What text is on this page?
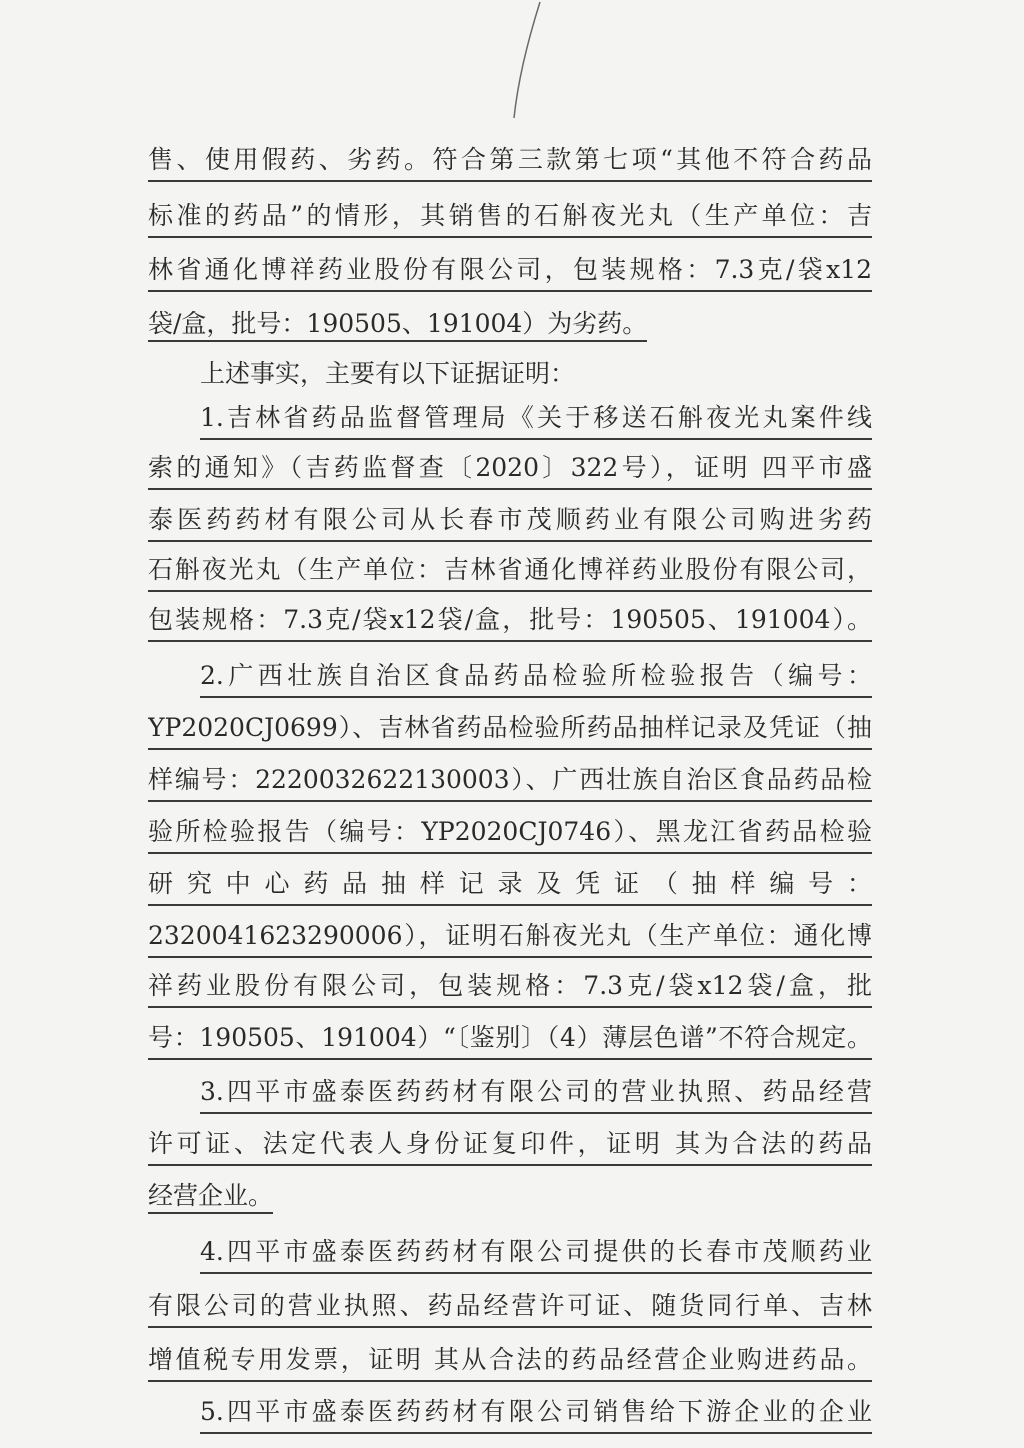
售、使用假药、劣药。符合第三款第七项“其他不符合药品
标准的药品”的情形，其销售的石斛夜光丸（生产单位：吉
林省通化博祥药业股份有限公司，包装规格：7.3克/袋x12
袋/盒，批号：190505、191004）为劣药。
上述事实，主要有以下证据证明：
1.吉林省药品监督管理局《关于移送石斛夜光丸案件线
索的通知》（吉药监督查〔2020〕322号），证明 四平市盛
泰医药药材有限公司从长春市茂顺药业有限公司购进劣药
石斛夜光丸（生产单位：吉林省通化博祥药业股份有限公司，
包装规格：7.3克/袋x12袋/盒，批号：190505、191004）。
2.广西壮族自治区食品药品检验所检验报告（编号：
YP2020CJ0699）、吉林省药品检验所药品抽样记录及凭证（抽
样编号：2220032622130003）、广西壮族自治区食品药品检
验所检验报告（编号：YP2020CJ0746）、黑龙江省药品检验
研究中心药品抽样记录及凭证（抽样编号：
2320041623290006），证明石斛夜光丸（生产单位：通化博
祥药业股份有限公司，包装规格：7.3克/袋x12袋/盒，批
号：190505、191004）“〔鉴别〕（4）薄层色谱”不符合规定。
3.四平市盛泰医药药材有限公司的营业执照、药品经营
许可证、法定代表人身份证复印件，证明 其为合法的药品
经营企业。
4.四平市盛泰医药药材有限公司提供的长春市茂顺药业
有限公司的营业执照、药品经营许可证、随货同行单、吉林
增值税专用发票，证明 其从合法的药品经营企业购进药品。
5.四平市盛泰医药药材有限公司销售给下游企业的企业
